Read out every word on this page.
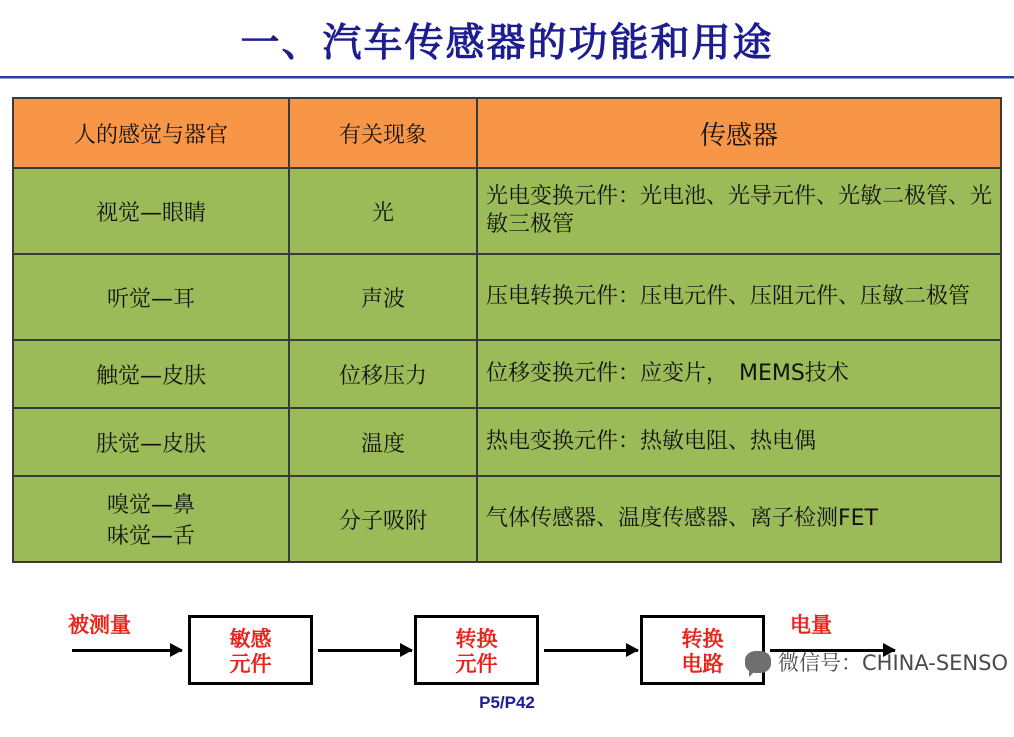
一、汽车传感器的功能和用途
人的感觉与器官	有关现象	传感器
视觉—眼睛	光	光电变换元件：光电池、光导元件、光敏二极管、光敏三极管
听觉—耳	声波	压电转换元件：压电元件、压阻元件、压敏二极管
触觉—皮肤	位移压力	位移变换元件：应变片，　MEMS技术
肤觉—皮肤	温度	热电变换元件：热敏电阻、热电偶

嗅觉—鼻
味觉—舌	分子吸附	气体传感器、温度传感器、离子检测FET
被测量	电量
敏感
元件
转换
元件
转换
电路	微信号：CHINA-SENSO
P5/P42
